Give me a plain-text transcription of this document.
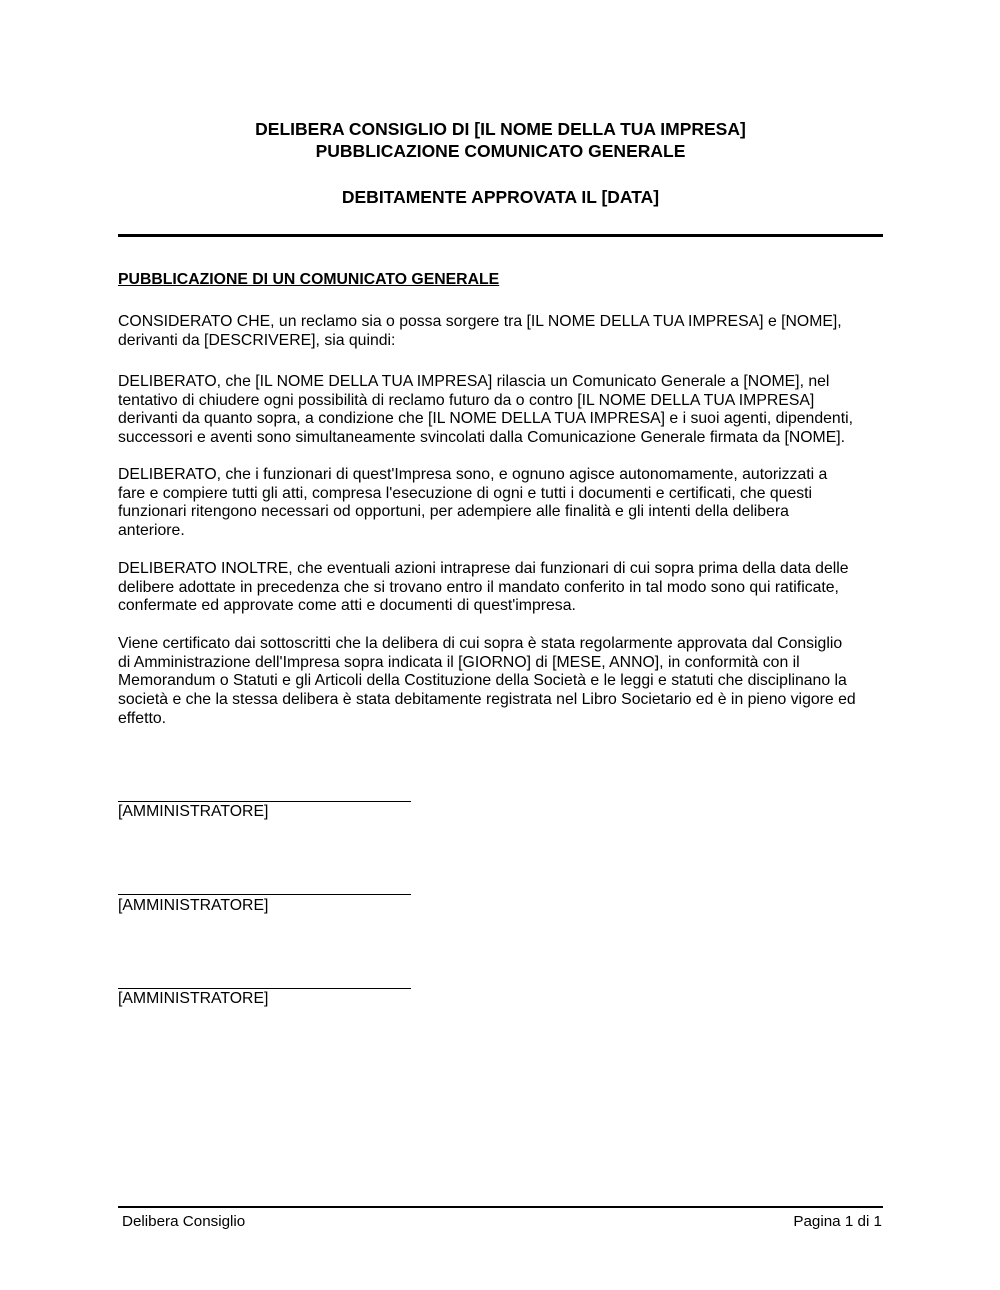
DELIBERA CONSIGLIO DI [IL NOME DELLA TUA IMPRESA]
PUBBLICAZIONE COMUNICATO GENERALE
DEBITAMENTE APPROVATA IL [DATA]
PUBBLICAZIONE DI UN COMUNICATO GENERALE
CONSIDERATO CHE, un reclamo sia o possa sorgere tra [IL NOME DELLA TUA IMPRESA] e [NOME],
derivanti da [DESCRIVERE], sia quindi:
DELIBERATO, che [IL NOME DELLA TUA IMPRESA] rilascia un Comunicato Generale a [NOME], nel
tentativo di chiudere ogni possibilità di reclamo futuro da o contro [IL NOME DELLA TUA IMPRESA]
derivanti da quanto sopra, a condizione che [IL NOME DELLA TUA IMPRESA] e i suoi agenti, dipendenti,
successori e aventi sono simultaneamente svincolati dalla Comunicazione Generale firmata da [NOME].
DELIBERATO, che i funzionari di quest'Impresa sono, e ognuno agisce autonomamente, autorizzati a
fare e compiere tutti gli atti, compresa l'esecuzione di ogni e tutti i documenti e certificati, che questi
funzionari ritengono necessari od opportuni, per adempiere alle finalità e gli intenti della delibera
anteriore.
DELIBERATO INOLTRE, che eventuali azioni intraprese dai funzionari di cui sopra prima della data delle
delibere adottate in precedenza che si trovano entro il mandato conferito in tal modo sono qui ratificate,
confermate ed approvate come atti e documenti di quest'impresa.
Viene certificato dai sottoscritti che la delibera di cui sopra è stata regolarmente approvata dal Consiglio
di Amministrazione dell'Impresa sopra indicata il [GIORNO] di [MESE, ANNO], in conformità con il
Memorandum o Statuti e gli Articoli della Costituzione della Società e le leggi e statuti che disciplinano la
società e che la stessa delibera è stata debitamente registrata nel Libro Societario ed è in pieno vigore ed
effetto.
[AMMINISTRATORE]
[AMMINISTRATORE]
[AMMINISTRATORE]
Delibera Consiglio	Pagina 1 di 1
